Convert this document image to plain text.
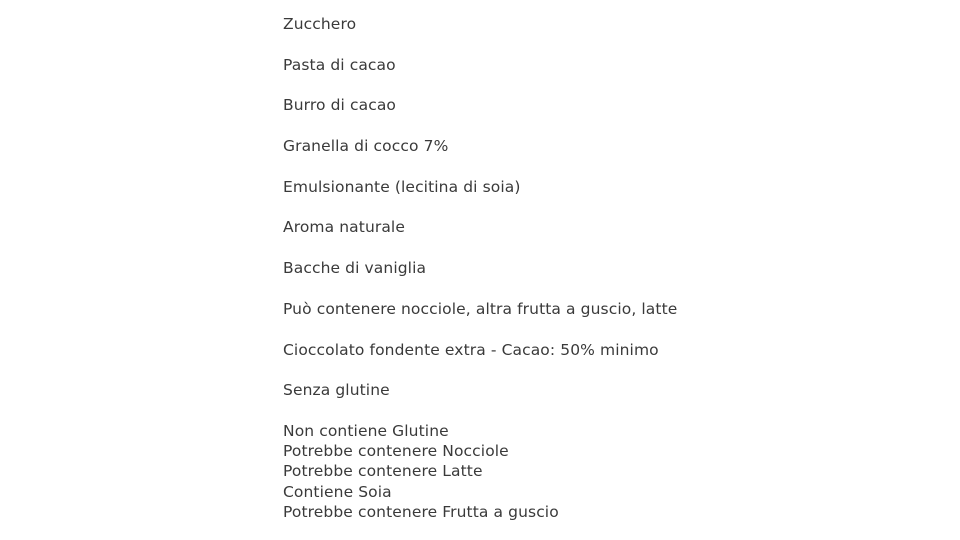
Zucchero
Pasta di cacao
Burro di cacao
Granella di cocco 7%
Emulsionante (lecitina di soia)
Aroma naturale
Bacche di vaniglia
Può contenere nocciole, altra frutta a guscio, latte
Cioccolato fondente extra - Cacao: 50% minimo
Senza glutine
Non contiene Glutine
Potrebbe contenere Nocciole
Potrebbe contenere Latte
Contiene Soia
Potrebbe contenere Frutta a guscio
